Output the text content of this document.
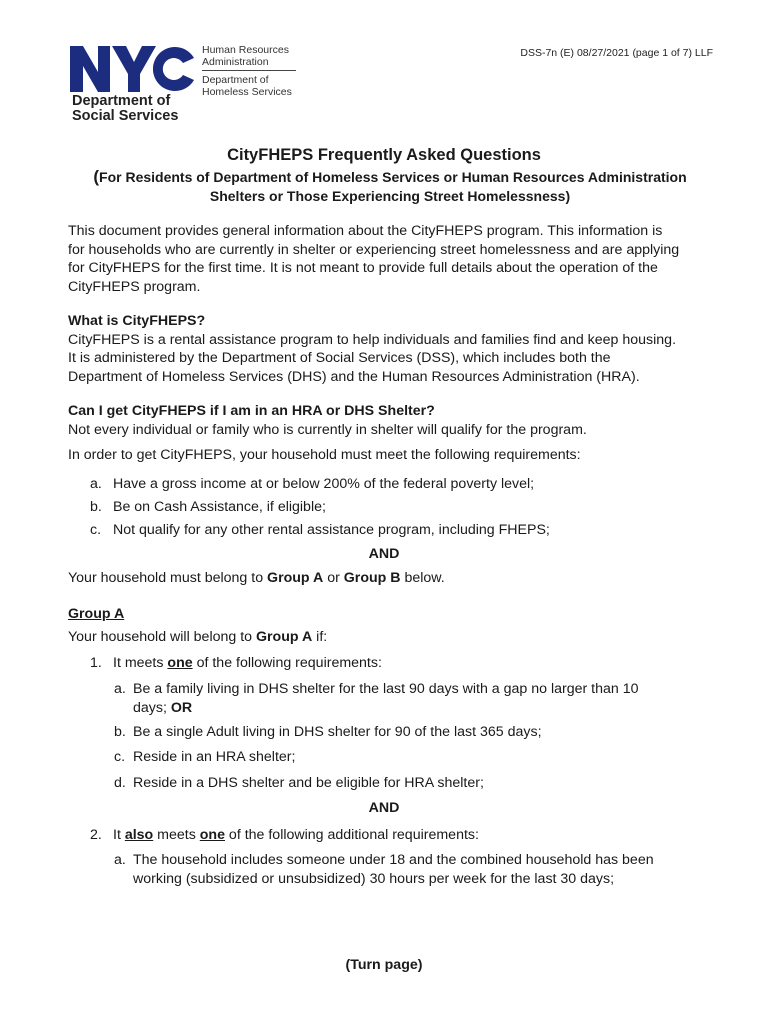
Human Resources Administration
Department of Homeless Services
Department of
Social Services
DSS-7n (E) 08/27/2021 (page 1 of 7) LLF
CityFHEPS Frequently Asked Questions
(For Residents of Department of Homeless Services or Human Resources Administration
Shelters or Those Experiencing Street Homelessness)
This document provides general information about the CityFHEPS program. This information is
for households who are currently in shelter or experiencing street homelessness and are applying
for CityFHEPS for the first time. It is not meant to provide full details about the operation of the
CityFHEPS program.
What is CityFHEPS?
CityFHEPS is a rental assistance program to help individuals and families find and keep housing.
It is administered by the Department of Social Services (DSS), which includes both the
Department of Homeless Services (DHS) and the Human Resources Administration (HRA).
Can I get CityFHEPS if I am in an HRA or DHS Shelter?
Not every individual or family who is currently in shelter will qualify for the program.
In order to get CityFHEPS, your household must meet the following requirements:
a. Have a gross income at or below 200% of the federal poverty level;
b. Be on Cash Assistance, if eligible;
c. Not qualify for any other rental assistance program, including FHEPS;
AND
Your household must belong to Group A or Group B below.
Group A
Your household will belong to Group A if:
1. It meets one of the following requirements:
a. Be a family living in DHS shelter for the last 90 days with a gap no larger than 10
days; OR
b. Be a single Adult living in DHS shelter for 90 of the last 365 days;
c. Reside in an HRA shelter;
d. Reside in a DHS shelter and be eligible for HRA shelter;
AND
2. It also meets one of the following additional requirements:
a. The household includes someone under 18 and the combined household has been
working (subsidized or unsubsidized) 30 hours per week for the last 30 days;
(Turn page)
